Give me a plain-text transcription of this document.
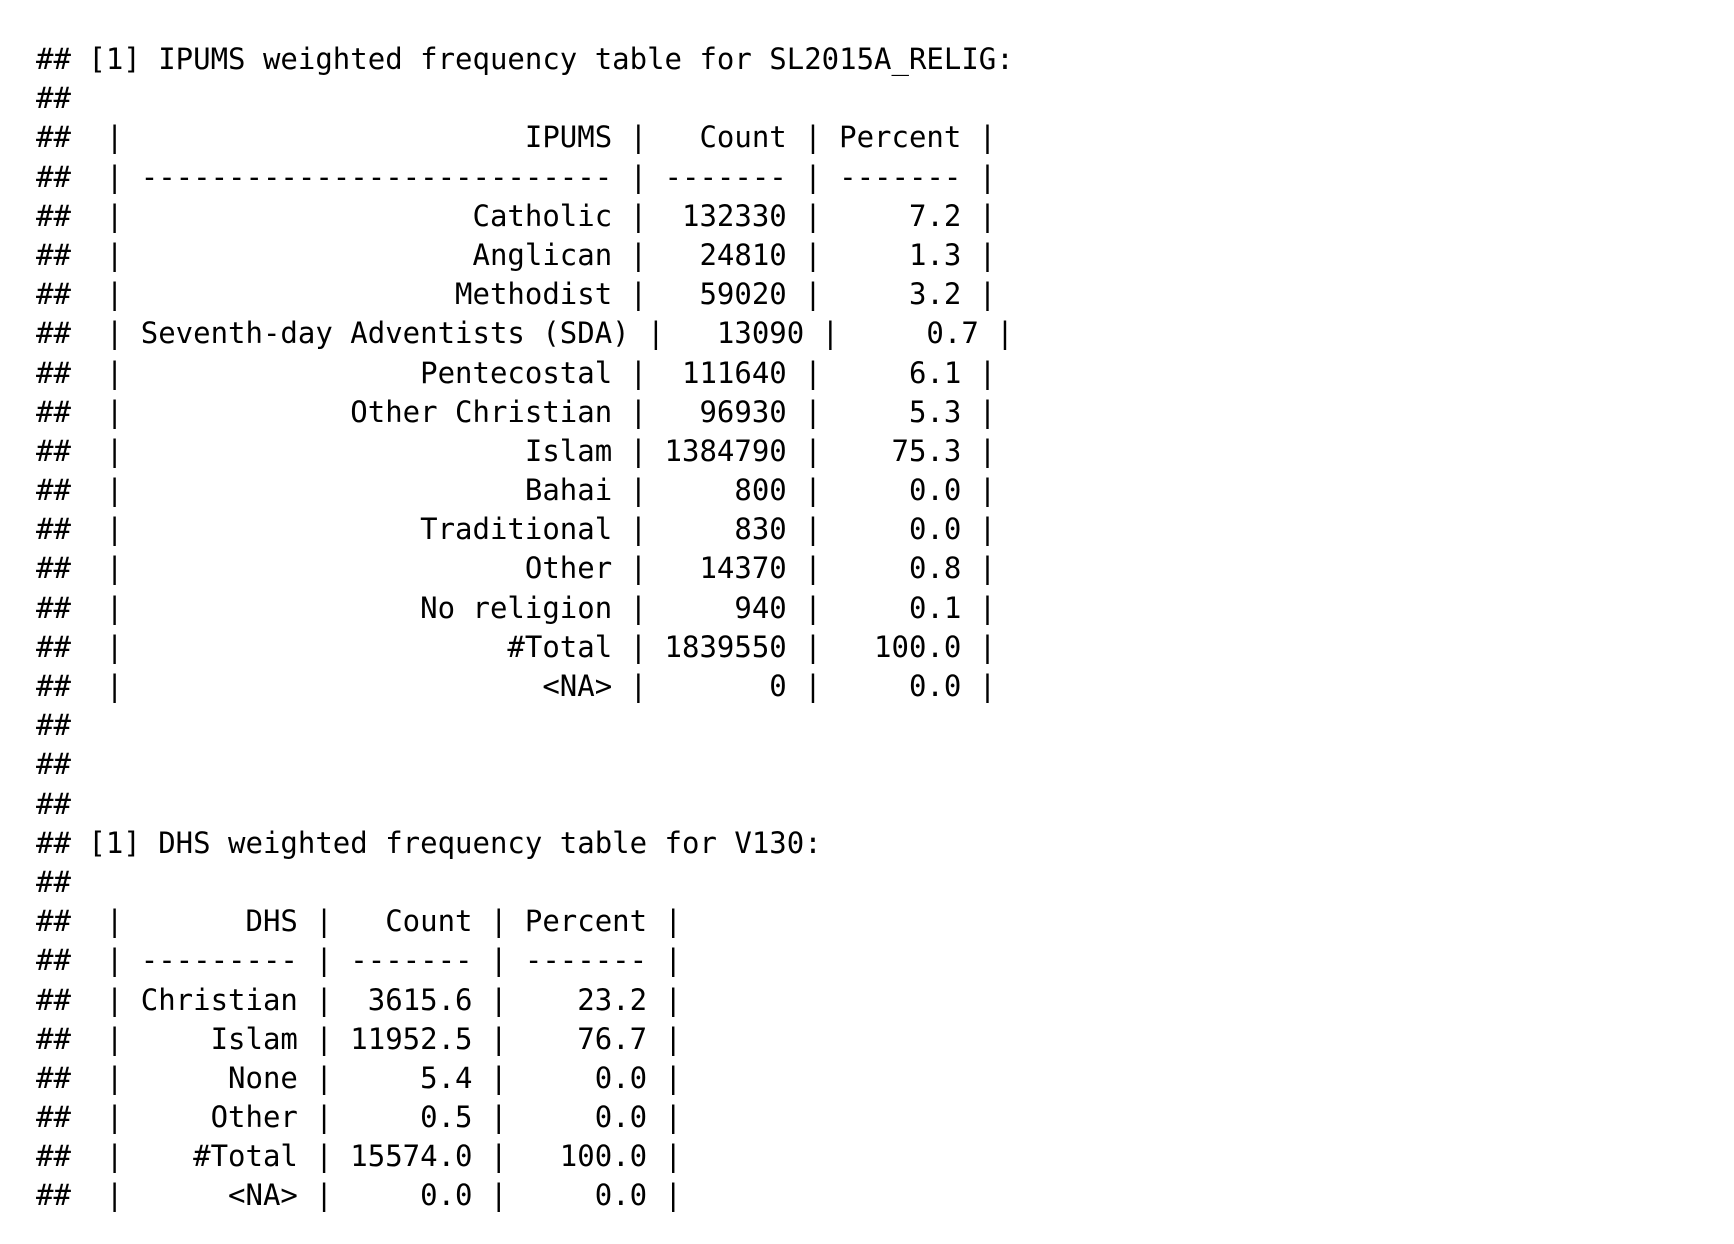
## [1] IPUMS weighted frequency table for SL2015A_RELIG:
##
##  |                       IPUMS |   Count | Percent |
##  | --------------------------- | ------- | ------- |
##  |                    Catholic |  132330 |     7.2 |
##  |                    Anglican |   24810 |     1.3 |
##  |                   Methodist |   59020 |     3.2 |
##  | Seventh-day Adventists (SDA) |   13090 |     0.7 |
##  |                 Pentecostal |  111640 |     6.1 |
##  |             Other Christian |   96930 |     5.3 |
##  |                       Islam | 1384790 |    75.3 |
##  |                       Bahai |     800 |     0.0 |
##  |                 Traditional |     830 |     0.0 |
##  |                       Other |   14370 |     0.8 |
##  |                 No religion |     940 |     0.1 |
##  |                      #Total | 1839550 |   100.0 |
##  |                        <NA> |       0 |     0.0 |
##
##
##
## [1] DHS weighted frequency table for V130:
##
##  |       DHS |   Count | Percent |
##  | --------- | ------- | ------- |
##  | Christian |  3615.6 |    23.2 |
##  |     Islam | 11952.5 |    76.7 |
##  |      None |     5.4 |     0.0 |
##  |     Other |     0.5 |     0.0 |
##  |    #Total | 15574.0 |   100.0 |
##  |      <NA> |     0.0 |     0.0 |
